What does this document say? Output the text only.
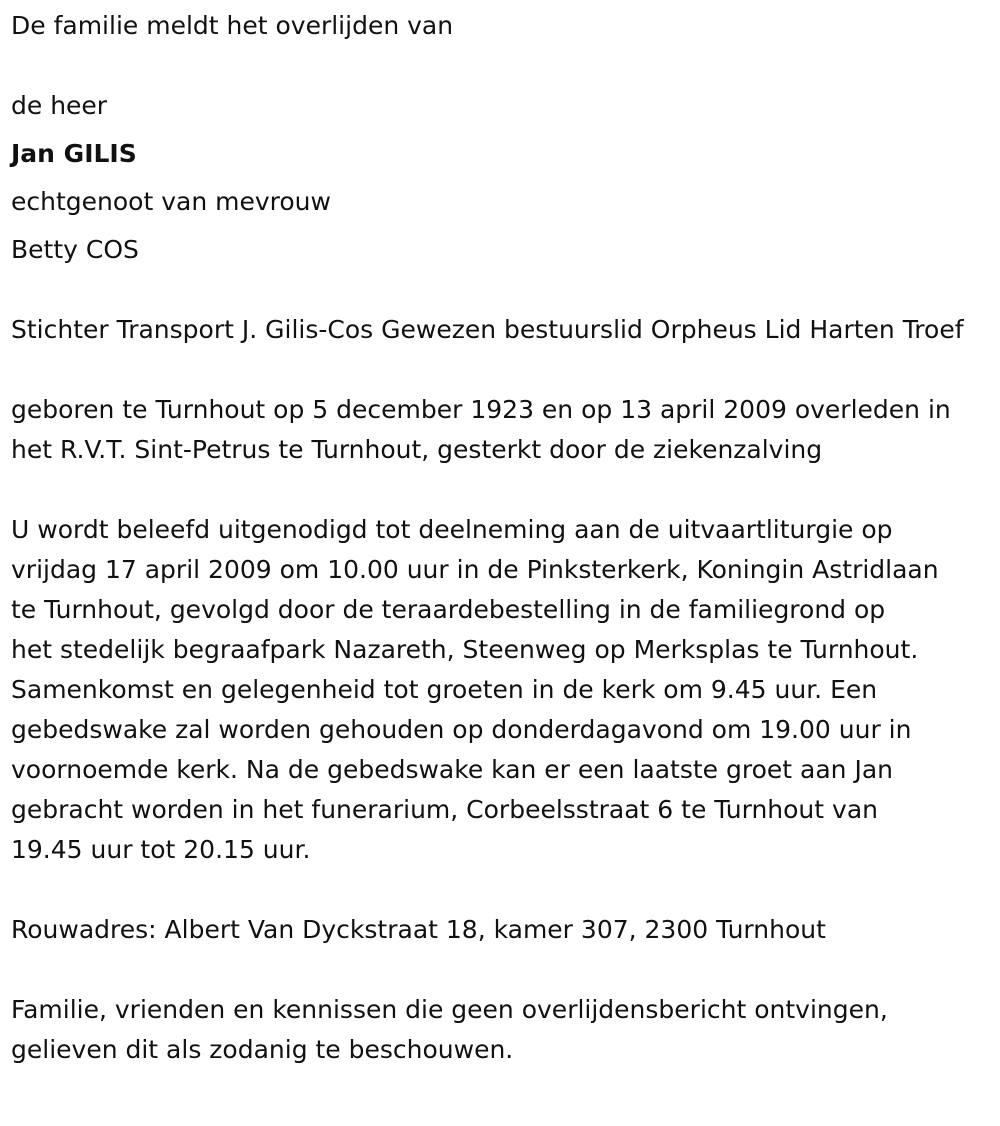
De familie meldt het overlijden van

de heer

Jan GILIS

echtgenoot van mevrouw

Betty COS

Stichter Transport J. Gilis-Cos Gewezen bestuurslid Orpheus Lid Harten Troef

geboren te Turnhout op 5 december 1923 en op 13 april 2009 overleden in het R.V.T. Sint-Petrus te Turnhout, gesterkt door de ziekenzalving

U wordt beleefd uitgenodigd tot deelneming aan de uitvaartliturgie op

vrijdag 17 april 2009 om 10.00 uur in de Pinksterkerk, Koningin Astridlaan

te Turnhout, gevolgd door de teraardebestelling in de familiegrond op

het stedelijk begraafpark Nazareth, Steenweg op Merksplas te Turnhout.

Samenkomst en gelegenheid tot groeten in de kerk om 9.45 uur. Een

gebedswake zal worden gehouden op donderdagavond om 19.00 uur in

voornoemde kerk. Na de gebedswake kan er een laatste groet aan Jan

gebracht worden in het funerarium, Corbeelsstraat 6 te Turnhout van

19.45 uur tot 20.15 uur.

Rouwadres: Albert Van Dyckstraat 18, kamer 307, 2300 Turnhout

Familie, vrienden en kennissen die geen overlijdensbericht ontvingen,

gelieven dit als zodanig te beschouwen.
